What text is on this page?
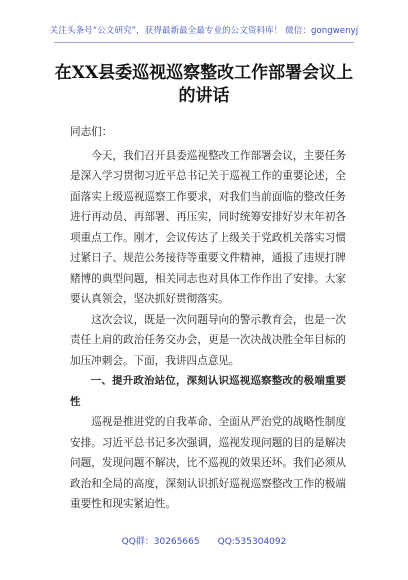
关注头条号“公文研究”，获得最新最全最专业的公文资料库！ 微信：gongwenyj
在XX县委巡视巡察整改工作部署会议上的讲话

同志们：

今天，我们召开县委巡视整改工作部署会议，主要任务是深入学习贯彻习近平总书记关于巡视工作的重要论述，全面落实上级巡视巡察工作要求，对我们当前面临的整改任务进行再动员、再部署、再压实，同时统筹安排好岁末年初各项重点工作。刚才，会议传达了上级关于党政机关落实习惯过紧日子、规范公务接待等重要文件精神，通报了违规打牌赌博的典型问题，相关同志也对具体工作作出了安排。大家要认真领会，坚决抓好贯彻落实。

这次会议，既是一次问题导向的警示教育会，也是一次责任上肩的政治任务交办会，更是一次决战决胜全年目标的加压冲刺会。下面，我讲四点意见。

一、提升政治站位，深刻认识巡视巡察整改的极端重要性

巡视是推进党的自我革命、全面从严治党的战略性制度安排。习近平总书记多次强调，巡视发现问题的目的是解决问题，发现问题不解决，比不巡视的效果还坏。我们必须从政治和全局的高度，深刻认识抓好巡视巡察整改工作的极端重要性和现实紧迫性。

QQ群：30265665 QQ:535304092
